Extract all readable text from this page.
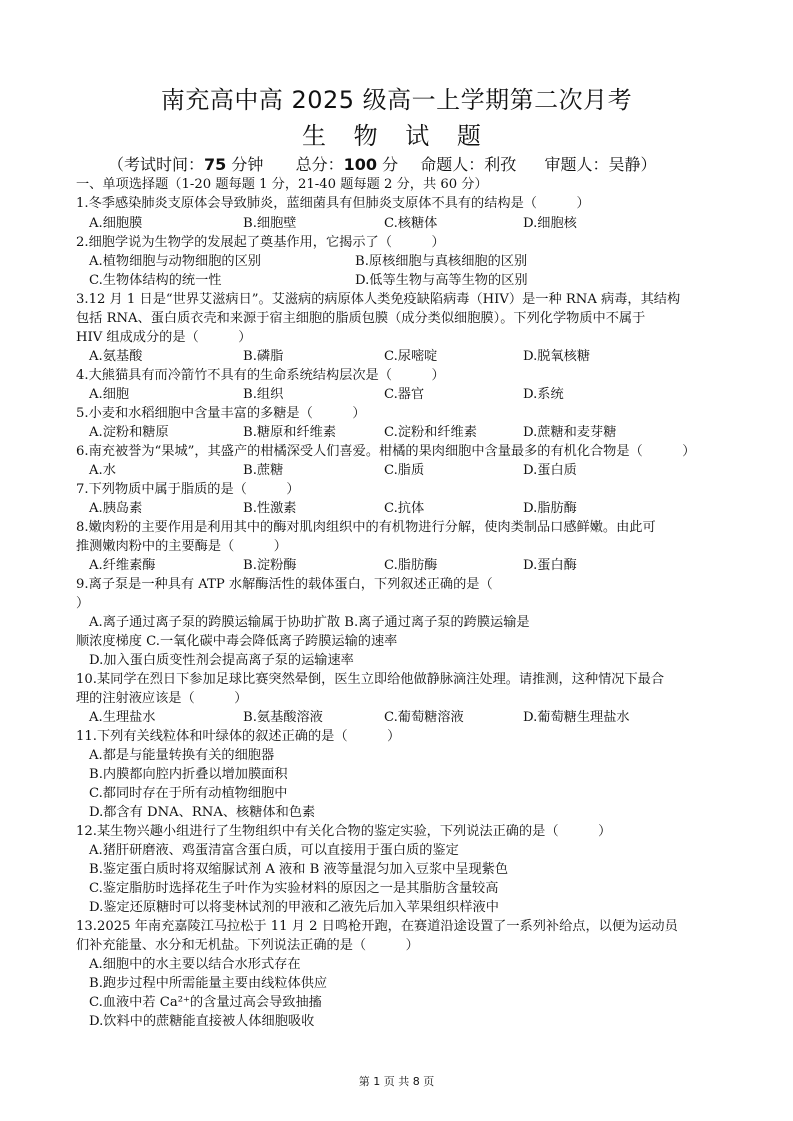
南充高中高 2025 级高一上学期第二次月考
生 物 试 题
（考试时间：75 分钟 总分：100 分 命题人：利孜 审题人：吴静）
一、单项选择题（1-20 题每题 1 分，21-40 题每题 2 分，共 60 分）
1.冬季感染肺炎支原体会导致肺炎，蓝细菌具有但肺炎支原体不具有的结构是（　　　）
A.细胞膜	B.细胞壁	C.核糖体	D.细胞核
2.细胞学说为生物学的发展起了奠基作用，它揭示了（　　　）
A.植物细胞与动物细胞的区别	B.原核细胞与真核细胞的区别
C.生物体结构的统一性	D.低等生物与高等生物的区别
3.12 月 1 日是“世界艾滋病日”。艾滋病的病原体人类免疫缺陷病毒（HIV）是一种 RNA 病毒，其结构
包括 RNA、蛋白质衣壳和来源于宿主细胞的脂质包膜（成分类似细胞膜）。下列化学物质中不属于
HIV 组成成分的是（　　　）
A.氨基酸	B.磷脂	C.尿嘧啶	D.脱氧核糖
4.大熊猫具有而冷箭竹不具有的生命系统结构层次是（　　　）
A.细胞	B.组织	C.器官	D.系统
5.小麦和水稻细胞中含量丰富的多糖是（　　　）
A.淀粉和糖原	B.糖原和纤维素	C.淀粉和纤维素	D.蔗糖和麦芽糖
6.南充被誉为“果城”，其盛产的柑橘深受人们喜爱。柑橘的果肉细胞中含量最多的有机化合物是（　　　）
A.水	B.蔗糖	C.脂质	D.蛋白质
7.下列物质中属于脂质的是（　　　）
A.胰岛素	B.性激素	C.抗体	D.脂肪酶
8.嫩肉粉的主要作用是利用其中的酶对肌肉组织中的有机物进行分解，使肉类制品口感鲜嫩。由此可
推测嫩肉粉中的主要酶是（　　　）
A.纤维素酶	B.淀粉酶	C.脂肪酶	D.蛋白酶
9.离子泵是一种具有 ATP 水解酶活性的载体蛋白，下列叙述正确的是（
）
A.离子通过离子泵的跨膜运输属于协助扩散 B.离子通过离子泵的跨膜运输是
顺浓度梯度 C.一氧化碳中毒会降低离子跨膜运输的速率
D.加入蛋白质变性剂会提高离子泵的运输速率
10.某同学在烈日下参加足球比赛突然晕倒，医生立即给他做静脉滴注处理。请推测，这种情况下最合
理的注射液应该是（　　　）
A.生理盐水	B.氨基酸溶液	C.葡萄糖溶液	D.葡萄糖生理盐水
11.下列有关线粒体和叶绿体的叙述正确的是（　　　）
A.都是与能量转换有关的细胞器
B.内膜都向腔内折叠以增加膜面积
C.都同时存在于所有动植物细胞中
D.都含有 DNA、RNA、核糖体和色素
12.某生物兴趣小组进行了生物组织中有关化合物的鉴定实验，下列说法正确的是（　　　）
A.猪肝研磨液、鸡蛋清富含蛋白质，可以直接用于蛋白质的鉴定
B.鉴定蛋白质时将双缩脲试剂 A 液和 B 液等量混匀加入豆浆中呈现紫色
C.鉴定脂肪时选择花生子叶作为实验材料的原因之一是其脂肪含量较高
D.鉴定还原糖时可以将斐林试剂的甲液和乙液先后加入苹果组织样液中
13.2025 年南充嘉陵江马拉松于 11 月 2 日鸣枪开跑，在赛道沿途设置了一系列补给点，以便为运动员
们补充能量、水分和无机盐。下列说法正确的是（　　　）
A.细胞中的水主要以结合水形式存在
B.跑步过程中所需能量主要由线粒体供应
C.血液中若 Ca²⁺的含量过高会导致抽搐
D.饮料中的蔗糖能直接被人体细胞吸收
第 1 页 共 8 页
